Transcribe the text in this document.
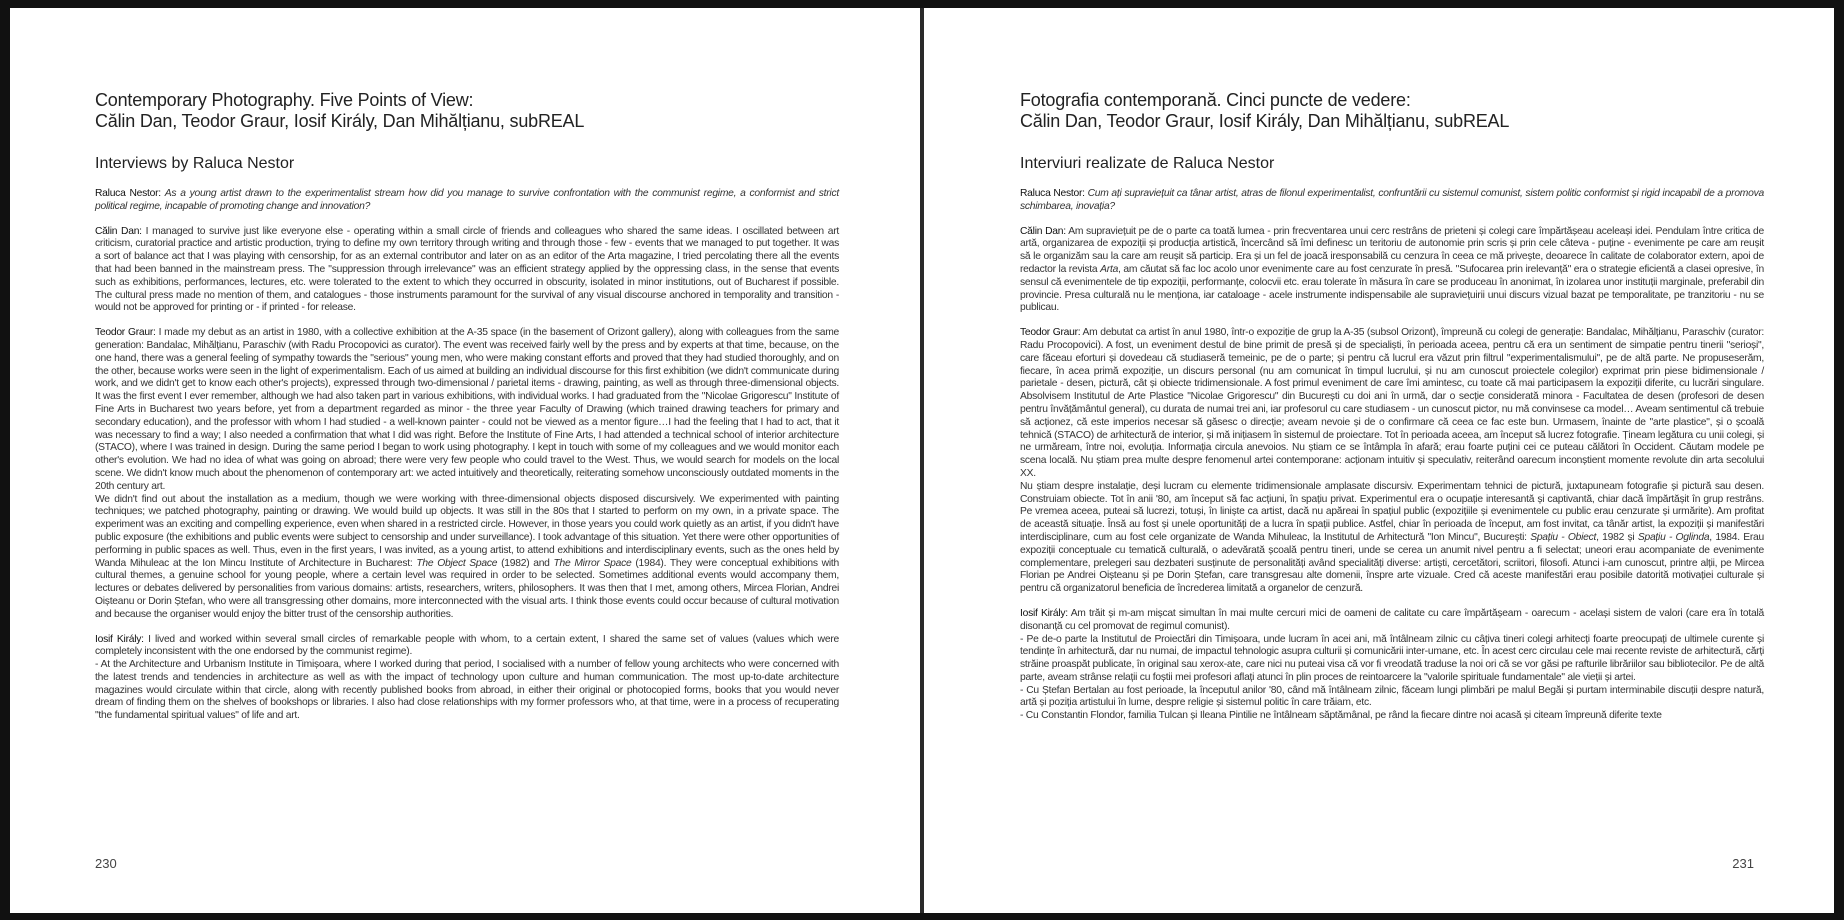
Contemporary Photography. Five Points of View:
Călin Dan, Teodor Graur, Iosif Király, Dan Mihălțianu, subREAL
Interviews by Raluca Nestor

Raluca Nestor: As a young artist drawn to the experimentalist stream how did you manage to survive confrontation with the communist regime, a conformist and strict political regime, incapable of promoting change and innovation?

Călin Dan: I managed to survive just like everyone else - operating within a small circle of friends and colleagues who shared the same ideas. I oscillated between art criticism, curatorial practice and artistic production, trying to define my own territory through writing and through those - few - events that we managed to put together. It was a sort of balance act that I was playing with censorship, for as an external contributor and later on as an editor of the Arta magazine, I tried percolating there all the events that had been banned in the mainstream press. The "suppression through irrelevance" was an efficient strategy applied by the oppressing class, in the sense that events such as exhibitions, performances, lectures, etc. were tolerated to the extent to which they occurred in obscurity, isolated in minor institutions, out of Bucharest if possible. The cultural press made no mention of them, and catalogues - those instruments paramount for the survival of any visual discourse anchored in temporality and transition - would not be approved for printing or - if printed - for release.

Teodor Graur: I made my debut as an artist in 1980, with a collective exhibition at the A-35 space (in the basement of Orizont gallery), along with colleagues from the same generation: Bandalac, Mihălțianu, Paraschiv (with Radu Procopovici as curator). The event was received fairly well by the press and by experts at that time, because, on the one hand, there was a general feeling of sympathy towards the "serious" young men, who were making constant efforts and proved that they had studied thoroughly, and on the other, because works were seen in the light of experimentalism. Each of us aimed at building an individual discourse for this first exhibition (we didn't communicate during work, and we didn't get to know each other's projects), expressed through two-dimensional / parietal items - drawing, painting, as well as through three-dimensional objects. It was the first event I ever remember, although we had also taken part in various exhibitions, with individual works. I had graduated from the "Nicolae Grigorescu" Institute of Fine Arts in Bucharest two years before, yet from a department regarded as minor - the three year Faculty of Drawing (which trained drawing teachers for primary and secondary education), and the professor with whom I had studied - a well-known painter - could not be viewed as a mentor figure…I had the feeling that I had to act, that it was necessary to find a way; I also needed a confirmation that what I did was right. Before the Institute of Fine Arts, I had attended a technical school of interior architecture (STACO), where I was trained in design. During the same period I began to work using photography. I kept in touch with some of my colleagues and we would monitor each other's evolution. We had no idea of what was going on abroad; there were very few people who could travel to the West. Thus, we would search for models on the local scene. We didn't know much about the phenomenon of contemporary art: we acted intuitively and theoretically, reiterating somehow unconsciously outdated moments in the 20th century art.
We didn't find out about the installation as a medium, though we were working with three-dimensional objects disposed discursively. We experimented with painting techniques; we patched photography, painting or drawing. We would build up objects. It was still in the 80s that I started to perform on my own, in a private space. The experiment was an exciting and compelling experience, even when shared in a restricted circle. However, in those years you could work quietly as an artist, if you didn't have public exposure (the exhibitions and public events were subject to censorship and under surveillance). I took advantage of this situation. Yet there were other opportunities of performing in public spaces as well. Thus, even in the first years, I was invited, as a young artist, to attend exhibitions and interdisciplinary events, such as the ones held by Wanda Mihuleac at the Ion Mincu Institute of Architecture in Bucharest: The Object Space (1982) and The Mirror Space (1984). They were conceptual exhibitions with cultural themes, a genuine school for young people, where a certain level was required in order to be selected. Sometimes additional events would accompany them, lectures or debates delivered by personalities from various domains: artists, researchers, writers, philosophers. It was then that I met, among others, Mircea Florian, Andrei Oișteanu or Dorin Ștefan, who were all transgressing other domains, more interconnected with the visual arts. I think those events could occur because of cultural motivation and because the organiser would enjoy the bitter trust of the censorship authorities.

Iosif Király: I lived and worked within several small circles of remarkable people with whom, to a certain extent, I shared the same set of values (values which were completely inconsistent with the one endorsed by the communist regime).
- At the Architecture and Urbanism Institute in Timișoara, where I worked during that period, I socialised with a number of fellow young architects who were concerned with the latest trends and tendencies in architecture as well as with the impact of technology upon culture and human communication. The most up-to-date architecture magazines would circulate within that circle, along with recently published books from abroad, in either their original or photocopied forms, books that you would never dream of finding them on the shelves of bookshops or libraries. I also had close relationships with my former professors who, at that time, were in a process of recuperating "the fundamental spiritual values" of life and art.

230
Fotografia contemporană. Cinci puncte de vedere:
Călin Dan, Teodor Graur, Iosif Király, Dan Mihălțianu, subREAL
Interviuri realizate de Raluca Nestor

Raluca Nestor: Cum ați supraviețuit ca tânar artist, atras de filonul experimentalist, confruntării cu sistemul comunist, sistem politic conformist și rigid incapabil de a promova schimbarea, inovația?

Călin Dan: Am supraviețuit pe de o parte ca toată lumea - prin frecventarea unui cerc restrâns de prieteni și colegi care împărtășeau aceleași idei. Pendulam între critica de artă, organizarea de expoziții și producția artistică, încercând să îmi definesc un teritoriu de autonomie prin scris și prin cele câteva - puține - evenimente pe care am reușit să le organizăm sau la care am reușit să particip. Era și un fel de joacă iresponsabilă cu cenzura în ceea ce mă privește, deoarece în calitate de colaborator extern, apoi de redactor la revista Arta, am căutat să fac loc acolo unor evenimente care au fost cenzurate în presă. "Sufocarea prin irelevanță" era o strategie eficientă a clasei opresive, în sensul că evenimentele de tip expoziții, performanțe, colocvii etc. erau tolerate în măsura în care se produceau în anonimat, în izolarea unor instituții marginale, preferabil din provincie. Presa culturală nu le menționa, iar cataloage - acele instrumente indispensabile ale supraviețuirii unui discurs vizual bazat pe temporalitate, pe tranzitoriu - nu se publicau.

Teodor Graur: Am debutat ca artist în anul 1980, într-o expoziție de grup la A-35 (subsol Orizont), împreună cu colegi de generație: Bandalac, Mihălțianu, Paraschiv (curator: Radu Procopovici). A fost, un eveniment destul de bine primit de presă și de specialiști, în perioada aceea, pentru că era un sentiment de simpatie pentru tinerii "serioși", care făceau eforturi și dovedeau că studiaseră temeinic, pe de o parte; și pentru că lucrul era văzut prin filtrul "experimentalismului", pe de altă parte. Ne propuseserăm, fiecare, în acea primă expoziție, un discurs personal (nu am comunicat în timpul lucrului, și nu am cunoscut proiectele colegilor) exprimat prin piese bidimensionale / parietale - desen, pictură, cât și obiecte tridimensionale. A fost primul eveniment de care îmi amintesc, cu toate că mai participasem la expoziții diferite, cu lucrări singulare. Absolvisem Institutul de Arte Plastice "Nicolae Grigorescu" din București cu doi ani în urmă, dar o secție considerată minora - Facultatea de desen (profesori de desen pentru învățământul general), cu durata de numai trei ani, iar profesorul cu care studiasem - un cunoscut pictor, nu mă convinsese ca model… Aveam sentimentul că trebuie să acționez, că este imperios necesar să găsesc o direcție; aveam nevoie și de o confirmare că ceea ce fac este bun. Urmasem, înainte de "arte plastice", și o școală tehnică (STACO) de arhitectură de interior, și mă inițiasem în sistemul de proiectare. Tot în perioada aceea, am început să lucrez fotografie. Țineam legătura cu unii colegi, și ne urmăream, între noi, evoluția. Informația circula anevoios. Nu știam ce se întâmpla în afară; erau foarte puțini cei ce puteau călători în Occident. Căutam modele pe scena locală. Nu știam prea multe despre fenomenul artei contemporane: acționam intuitiv și speculativ, reiterând oarecum inconștient momente revolute din arta secolului XX.
Nu știam despre instalație, deși lucram cu elemente tridimensionale amplasate discursiv. Experimentam tehnici de pictură, juxtapuneam fotografie și pictură sau desen. Construiam obiecte. Tot în anii '80, am început să fac acțiuni, în spațiu privat. Experimentul era o ocupație interesantă și captivantă, chiar dacă împărtășit în grup restrâns. Pe vremea aceea, puteai să lucrezi, totuși, în liniște ca artist, dacă nu apăreai în spațiul public (expozițiile și evenimentele cu public erau cenzurate și urmărite). Am profitat de această situație. Însă au fost și unele oportunități de a lucra în spații publice. Astfel, chiar în perioada de început, am fost invitat, ca tânăr artist, la expoziții și manifestări interdisciplinare, cum au fost cele organizate de Wanda Mihuleac, la Institutul de Arhitectură "Ion Mincu", București: Spațiu - Obiect, 1982 și Spațiu - Oglinda, 1984. Erau expoziții conceptuale cu tematică culturală, o adevărată școală pentru tineri, unde se cerea un anumit nivel pentru a fi selectat; uneori erau acompaniate de evenimente complementare, prelegeri sau dezbateri susținute de personalități având specialități diverse: artiști, cercetători, scriitori, filosofi. Atunci i-am cunoscut, printre alții, pe Mircea Florian pe Andrei Oișteanu și pe Dorin Ștefan, care transgresau alte domenii, înspre arte vizuale. Cred că aceste manifestări erau posibile datorită motivației culturale și pentru că organizatorul beneficia de încrederea limitată a organelor de cenzură.

Iosif Király: Am trăit și m-am mișcat simultan în mai multe cercuri mici de oameni de calitate cu care împărtășeam - oarecum - același sistem de valori (care era în totală disonanță cu cel promovat de regimul comunist).
- Pe de-o parte la Institutul de Proiectări din Timișoara, unde lucram în acei ani, mă întâlneam zilnic cu câțiva tineri colegi arhitecți foarte preocupați de ultimele curente și tendințe în arhitectură, dar nu numai, de impactul tehnologic asupra culturii și comunicării inter-umane, etc. În acest cerc circulau cele mai recente reviste de arhitectură, cărți străine proaspăt publicate, în original sau xerox-ate, care nici nu puteai visa că vor fi vreodată traduse la noi ori că se vor găsi pe rafturile librăriilor sau bibliotecilor. Pe de altă parte, aveam strânse relații cu foștii mei profesori aflați atunci în plin proces de reintoarcere la "valorile spirituale fundamentale" ale vieții și artei.
- Cu Ștefan Bertalan au fost perioade, la începutul anilor '80, când mă întâlneam zilnic, făceam lungi plimbări pe malul Begăi și purtam interminabile discuții despre natură, artă și poziția artistului în lume, despre religie și sistemul politic în care trăiam, etc.
- Cu Constantin Flondor, familia Tulcan și Ileana Pintilie ne întâlneam săptămânal, pe rând la fiecare dintre noi acasă și citeam împreună diferite texte

231
